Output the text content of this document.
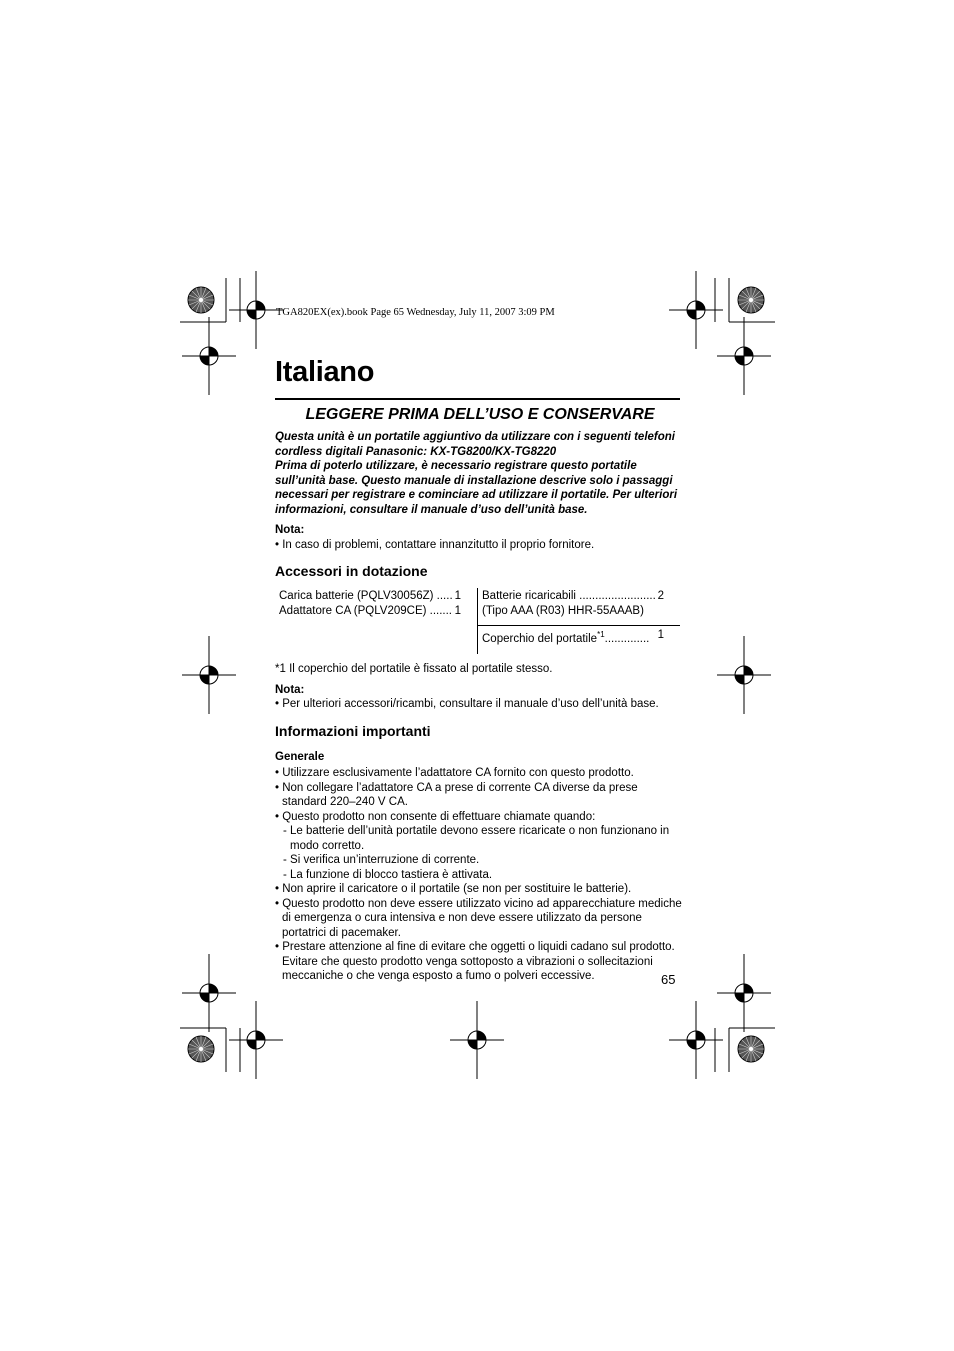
TGA820EX(ex).book Page 65 Wednesday, July 11, 2007 3:09 PM
Italiano
LEGGERE PRIMA DELL’USO E CONSERVARE

Questa unità è un portatile aggiuntivo da utilizzare con i seguenti telefoni cordless digitali Panasonic: KX-TG8200/KX-TG8220

Prima di poterlo utilizzare, è necessario registrare questo portatile sull’unità base. Questo manuale di installazione descrive solo i passaggi necessari per registrare e cominciare ad utilizzare il portatile. Per ulteriori informazioni, consultare il manuale d’uso dell’unità base.

Nota:

• In caso di problemi, contattare innanzitutto il proprio fornitore.

Accessori in dotazione
Carica batterie (PQLV30056Z) ..... 1
Adattatore CA (PQLV209CE) ....... 1
Batterie ricaricabili ........................ 2
(Tipo AAA (R03) HHR-55AAAB)
Coperchio del portatile$^{*1}$.............. 1

*1 Il coperchio del portatile è fissato al portatile stesso.

Nota:

• Per ulteriori accessori/ricambi, consultare il manuale d’uso dell’unità base.

Informazioni importanti
Generale

• Utilizzare esclusivamente l’adattatore CA fornito con questo prodotto.

• Non collegare l’adattatore CA a prese di corrente CA diverse da prese standard 220–240 V CA.

• Questo prodotto non consente di effettuare chiamate quando:

- Le batterie dell’unità portatile devono essere ricaricate o non funzionano in modo corretto.

- Si verifica un’interruzione di corrente.

- La funzione di blocco tastiera è attivata.

• Non aprire il caricatore o il portatile (se non per sostituire le batterie).

• Questo prodotto non deve essere utilizzato vicino ad apparecchiature mediche di emergenza o cura intensiva e non deve essere utilizzato da persone portatrici di pacemaker.

• Prestare attenzione al fine di evitare che oggetti o liquidi cadano sul prodotto. Evitare che questo prodotto venga sottoposto a vibrazioni o sollecitazioni meccaniche o che venga esposto a fumo o polveri eccessive.	65
